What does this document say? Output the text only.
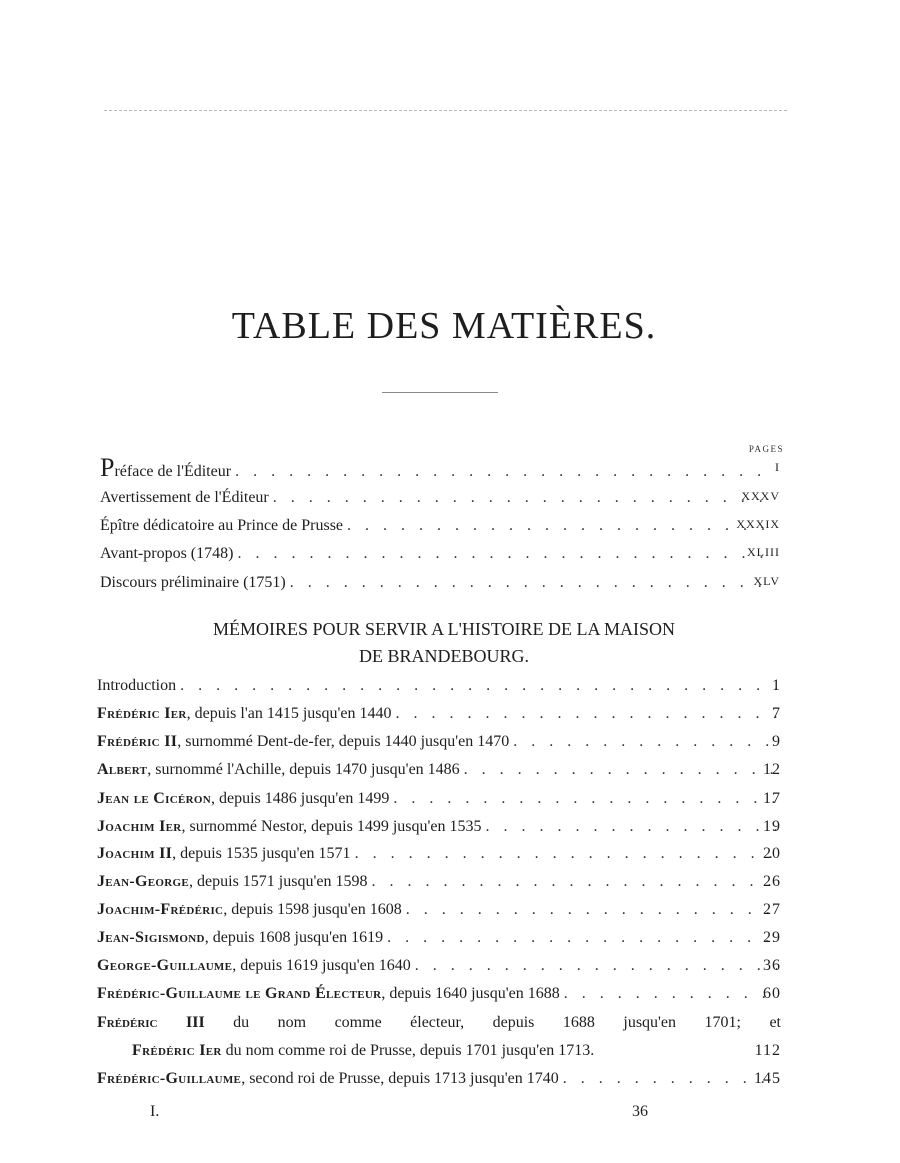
TABLE DES MATIÈRES.
PAGES
Préface de l'Éditeur . . .	I
Avertissement de l'Éditeur . . .	XXXV
Épître dédicatoire au Prince de Prusse . . .	XXXIX
Avant-propos (1748) . . .	XLIII
Discours préliminaire (1751) . . .	XLV
MÉMOIRES POUR SERVIR A L'HISTOIRE DE LA MAISON
DE BRANDEBOURG.
Introduction . . .	1
Frédéric Ier, depuis l'an 1415 jusqu'en 1440 . . .	7
Frédéric II, surnommé Dent-de-fer, depuis 1440 jusqu'en 1470 . . .	9
Albert, surnommé l'Achille, depuis 1470 jusqu'en 1486 . . .	12
Jean le Cicéron, depuis 1486 jusqu'en 1499 . . .	17
Joachim Ier, surnommé Nestor, depuis 1499 jusqu'en 1535 . . .	19
Joachim II, depuis 1535 jusqu'en 1571 . . .	20
Jean-George, depuis 1571 jusqu'en 1598 . . .	26
Joachim-Frédéric, depuis 1598 jusqu'en 1608 . . .	27
Jean-Sigismond, depuis 1608 jusqu'en 1619 . . .	29
George-Guillaume, depuis 1619 jusqu'en 1640 . . .	36
Frédéric-Guillaume le Grand Électeur, depuis 1640 jusqu'en 1688 . . .	60
Frédéric III du nom comme électeur, depuis 1688 jusqu'en 1701; et
Frédéric Ier du nom comme roi de Prusse, depuis 1701 jusqu'en 1713.	112
Frédéric-Guillaume, second roi de Prusse, depuis 1713 jusqu'en 1740 . . .	145
I.	36
